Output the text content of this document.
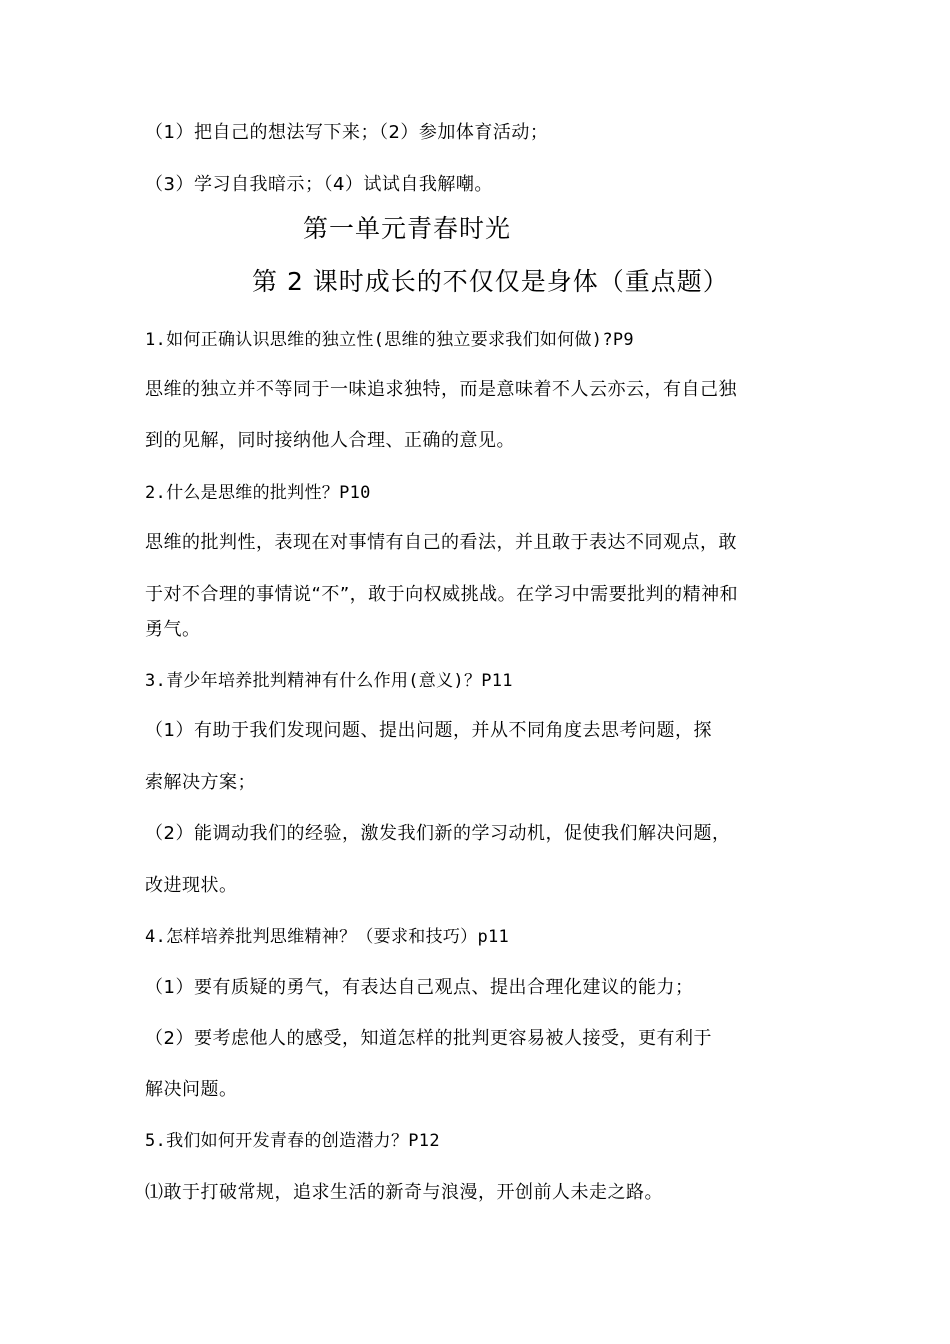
（1）把自己的想法写下来；（2）参加体育活动；
（3）学习自我暗示；（4）试试自我解嘲。
第一单元青春时光
第 2 课时成长的不仅仅是身体（重点题）
1.如何正确认识思维的独立性(思维的独立要求我们如何做)?P9
思维的独立并不等同于一味追求独特，而是意味着不人云亦云，有自己独
到的见解，同时接纳他人合理、正确的意见。
2.什么是思维的批判性？P10
思维的批判性，表现在对事情有自己的看法，并且敢于表达不同观点，敢
于对不合理的事情说“不”，敢于向权威挑战。在学习中需要批判的精神和
勇气。
3.青少年培养批判精神有什么作用(意义)？P11
（1）有助于我们发现问题、提出问题，并从不同角度去思考问题，探
索解决方案；
（2）能调动我们的经验，激发我们新的学习动机，促使我们解决问题，
改进现状。
4.怎样培养批判思维精神？（要求和技巧）p11
（1）要有质疑的勇气，有表达自己观点、提出合理化建议的能力；
（2）要考虑他人的感受，知道怎样的批判更容易被人接受，更有利于
解决问题。
5.我们如何开发青春的创造潜力？P12
⑴敢于打破常规，追求生活的新奇与浪漫，开创前人未走之路。
